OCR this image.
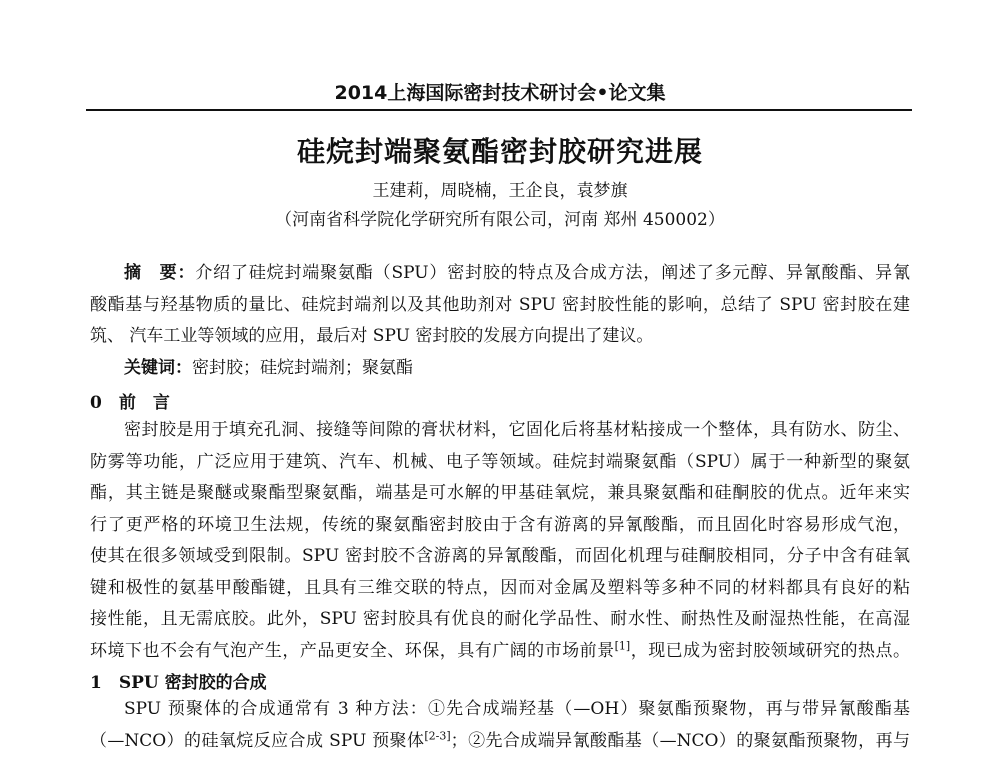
2014上海国际密封技术研讨会•论文集
硅烷封端聚氨酯密封胶研究进展
王建莉，周晓楠，王企良，袁梦旗
（河南省科学院化学研究所有限公司，河南 郑州 450002）
摘　要：介绍了硅烷封端聚氨酯（SPU）密封胶的特点及合成方法，阐述了多元醇、异氰酸酯、异氰
酸酯基与羟基物质的量比、硅烷封端剂以及其他助剂对 SPU 密封胶性能的影响，总结了 SPU 密封胶在建
筑、 汽车工业等领域的应用，最后对 SPU 密封胶的发展方向提出了建议。
关键词：密封胶；硅烷封端剂；聚氨酯
0　前　言
密封胶是用于填充孔洞、接缝等间隙的膏状材料，它固化后将基材粘接成一个整体，具有防水、防尘、
防雾等功能，广泛应用于建筑、汽车、机械、电子等领域。硅烷封端聚氨酯（SPU）属于一种新型的聚氨
酯，其主链是聚醚或聚酯型聚氨酯，端基是可水解的甲基硅氧烷，兼具聚氨酯和硅酮胶的优点。近年来实
行了更严格的环境卫生法规，传统的聚氨酯密封胶由于含有游离的异氰酸酯，而且固化时容易形成气泡，
使其在很多领域受到限制。SPU 密封胶不含游离的异氰酸酯，而固化机理与硅酮胶相同，分子中含有硅氧
键和极性的氨基甲酸酯键，且具有三维交联的特点，因而对金属及塑料等多种不同的材料都具有良好的粘
接性能，且无需底胶。此外，SPU 密封胶具有优良的耐化学品性、耐水性、耐热性及耐湿热性能，在高湿
环境下也不会有气泡产生，产品更安全、环保，具有广阔的市场前景[1]，现已成为密封胶领域研究的热点。
1　SPU 密封胶的合成
SPU 预聚体的合成通常有 3 种方法：①先合成端羟基（—OH）聚氨酯预聚物，再与带异氰酸酯基
（—NCO）的硅氧烷反应合成 SPU 预聚体[2-3]；②先合成端异氰酸酯基（—NCO）的聚氨酯预聚物，再与
